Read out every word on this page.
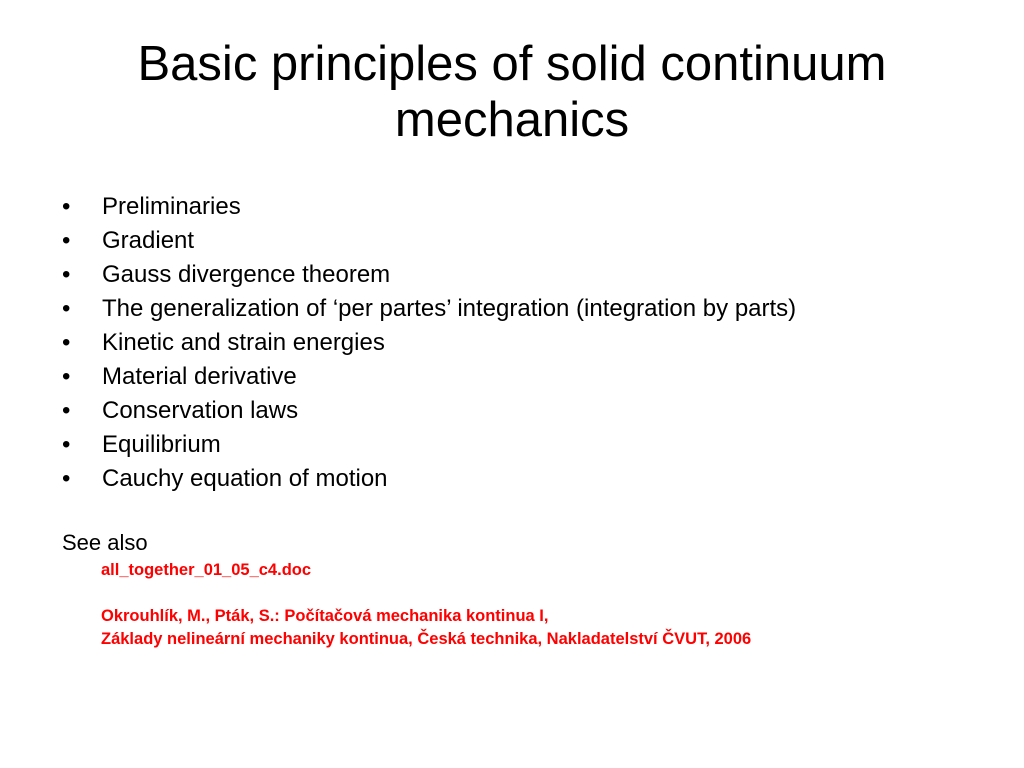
Basic principles of solid continuum
mechanics
• Preliminaries
• Gradient
• Gauss divergence theorem
• The generalization of ‘per partes’ integration (integration by parts)
• Kinetic and strain energies
• Material derivative
• Conservation laws
• Equilibrium
• Cauchy equation of motion

See also

all_together_01_05_c4.doc
Okrouhlík, M., Pták, S.: Počítačová mechanika kontinua I,
Základy nelineární mechaniky kontinua, Česká technika, Nakladatelství ČVUT, 2006
